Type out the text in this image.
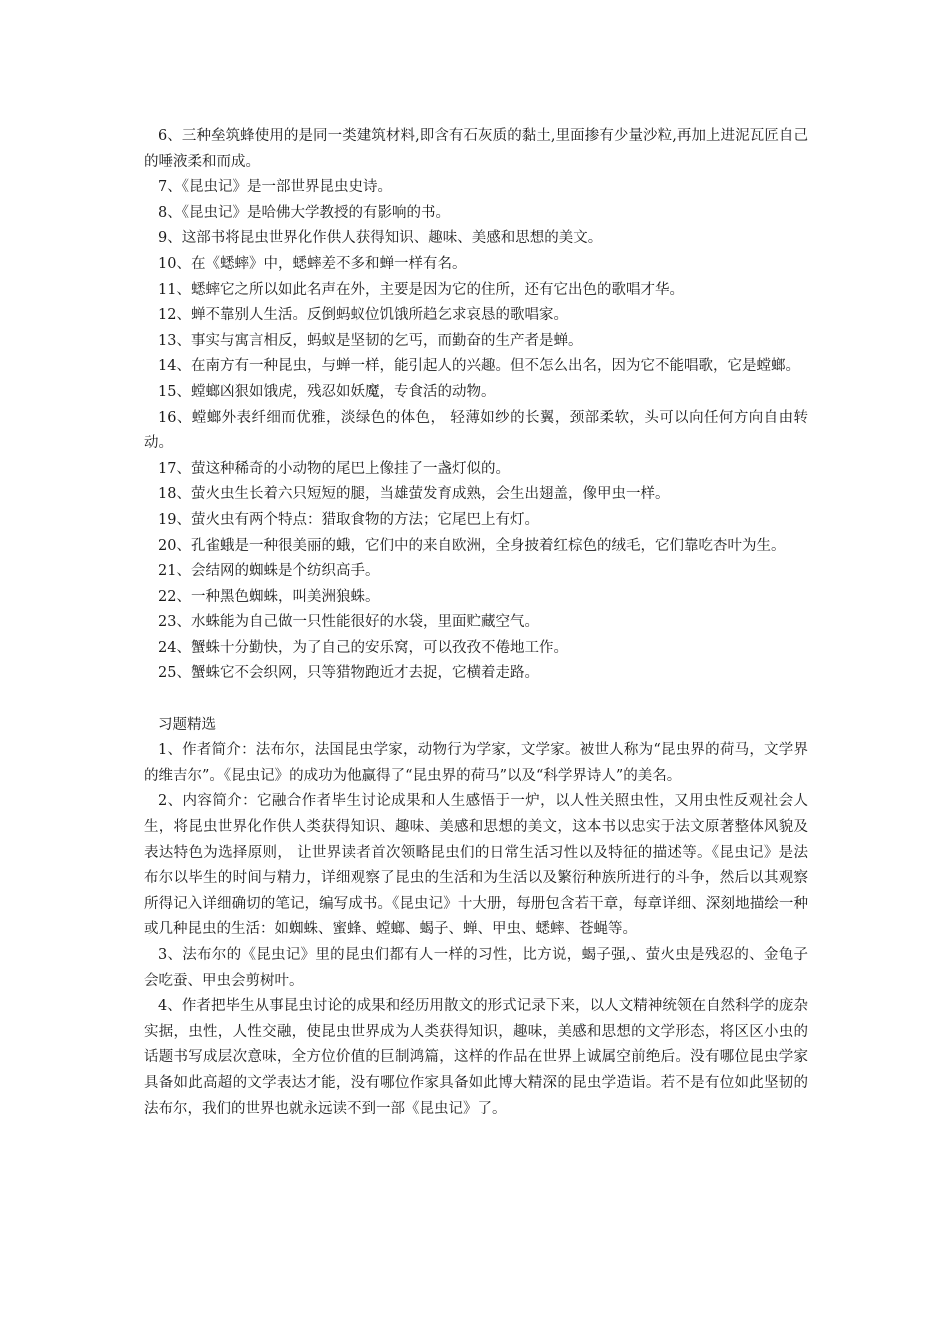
6、三种垒筑蜂使用的是同一类建筑材料,即含有石灰质的黏土,里面掺有少量沙粒,再加上进泥瓦匠自己的唾液柔和而成。

7、《昆虫记》是一部世界昆虫史诗。

8、《昆虫记》是哈佛大学教授的有影响的书。

9、这部书将昆虫世界化作供人获得知识、趣味、美感和思想的美文。

10、在《蟋蟀》中，蟋蟀差不多和蝉一样有名。

11、蟋蟀它之所以如此名声在外，主要是因为它的住所，还有它出色的歌唱才华。

12、蝉不靠别人生活。反倒蚂蚁位饥饿所趋乞求哀恳的歌唱家。

13、事实与寓言相反，蚂蚁是坚韧的乞丐，而勤奋的生产者是蝉。

14、在南方有一种昆虫，与蝉一样，能引起人的兴趣。但不怎么出名，因为它不能唱歌，它是螳螂。

15、螳螂凶狠如饿虎，残忍如妖魔，专食活的动物。

16、螳螂外表纤细而优雅，淡绿色的体色， 轻薄如纱的长翼，颈部柔软，头可以向任何方向自由转动。

17、萤这种稀奇的小动物的尾巴上像挂了一盏灯似的。

18、萤火虫生长着六只短短的腿，当雄萤发育成熟，会生出翅盖，像甲虫一样。

19、萤火虫有两个特点：猎取食物的方法；它尾巴上有灯。

20、孔雀蛾是一种很美丽的蛾，它们中的来自欧洲，全身披着红棕色的绒毛，它们靠吃杏叶为生。

21、会结网的蜘蛛是个纺织高手。

22、一种黑色蜘蛛，叫美洲狼蛛。

23、水蛛能为自己做一只性能很好的水袋，里面贮藏空气。

24、蟹蛛十分勤快，为了自己的安乐窝，可以孜孜不倦地工作。

25、蟹蛛它不会织网，只等猎物跑近才去捉，它横着走路。

习题精选

1、作者简介：法布尔，法国昆虫学家，动物行为学家，文学家。被世人称为“昆虫界的荷马，文学界的维吉尔”。《昆虫记》的成功为他赢得了“昆虫界的荷马”以及“科学界诗人”的美名。

2、内容简介：它融合作者毕生讨论成果和人生感悟于一炉，以人性关照虫性，又用虫性反观社会人生，将昆虫世界化作供人类获得知识、趣味、美感和思想的美文，这本书以忠实于法文原著整体风貌及表达特色为选择原则， 让世界读者首次领略昆虫们的日常生活习性以及特征的描述等。《昆虫记》是法布尔以毕生的时间与精力，详细观察了昆虫的生活和为生活以及繁衍种族所进行的斗争，然后以其观察所得记入详细确切的笔记，编写成书。《昆虫记》十大册，每册包含若干章，每章详细、深刻地描绘一种或几种昆虫的生活：如蜘蛛、蜜蜂、螳螂、蝎子、蝉、甲虫、蟋蟀、苍蝇等。

3、法布尔的《昆虫记》里的昆虫们都有人一样的习性，比方说，蝎子强,、萤火虫是残忍的、金龟子会吃蚕、甲虫会剪树叶。

4、作者把毕生从事昆虫讨论的成果和经历用散文的形式记录下来，以人文精神统领在自然科学的庞杂实据，虫性，人性交融，使昆虫世界成为人类获得知识，趣味，美感和思想的文学形态，将区区小虫的话题书写成层次意味，全方位价值的巨制鸿篇，这样的作品在世界上诚属空前绝后。没有哪位昆虫学家具备如此高超的文学表达才能，没有哪位作家具备如此博大精深的昆虫学造诣。若不是有位如此坚韧的法布尔，我们的世界也就永远读不到一部《昆虫记》了。
